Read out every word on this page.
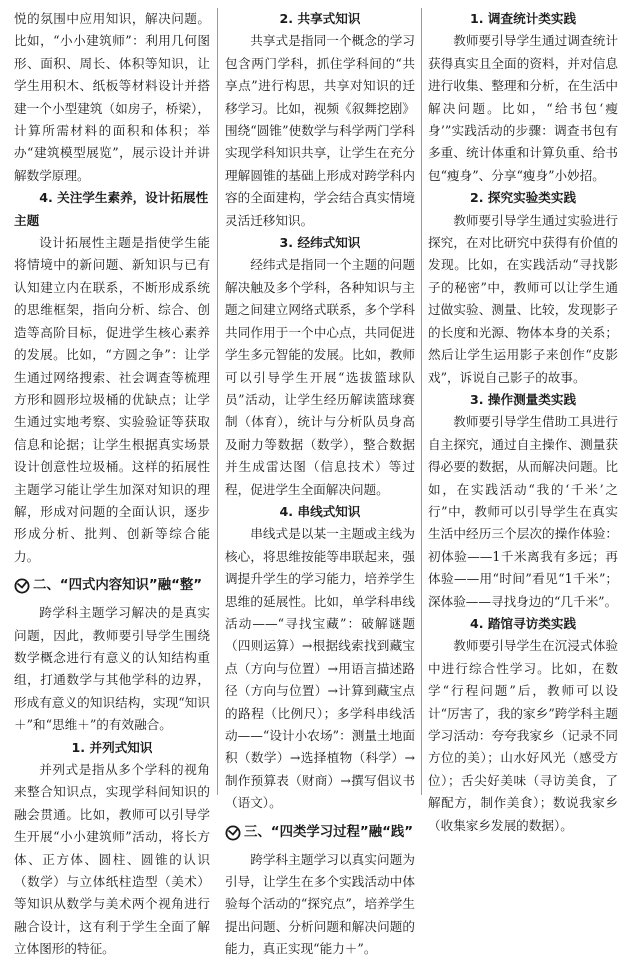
悦的氛围中应用知识，解决问题。比如，“小小建筑师”：利用几何图形、面积、周长、体积等知识，让学生用积木、纸板等材料设计并搭建一个小型建筑（如房子，桥梁），计算所需材料的面积和体积；举办“建筑模型展览”，展示设计并讲解数学原理。

4. 关注学生素养，设计拓展性主题

设计拓展性主题是指使学生能将情境中的新问题、新知识与已有认知建立内在联系，不断形成系统的思维框架，指向分析、综合、创造等高阶目标，促进学生核心素养的发展。比如，“方圆之争”：让学生通过网络搜索、社会调查等梳理方形和圆形垃圾桶的优缺点；让学生通过实地考察、实验验证等获取信息和论据；让学生根据真实场景设计创意性垃圾桶。这样的拓展性主题学习能让学生加深对知识的理解，形成对问题的全面认识，逐步形成分析、批判、创新等综合能力。

二、“四式内容知识”融“整”

跨学科主题学习解决的是真实问题，因此，教师要引导学生围绕数学概念进行有意义的认知结构重组，打通数学与其他学科的边界，形成有意义的知识结构，实现“知识＋”和“思维＋”的有效融合。

1. 并列式知识

并列式是指从多个学科的视角来整合知识点，实现学科间知识的融会贯通。比如，教师可以引导学生开展“小小建筑师”活动，将长方体、正方体、圆柱、圆锥的认识（数学）与立体纸柱造型（美术）等知识从数学与美术两个视角进行融合设计，这有利于学生全面了解立体图形的特征。

2. 共享式知识

共享式是指同一个概念的学习包含两门学科，抓住学科间的“共享点”进行构思，共享对知识的迁移学习。比如，视频《叙舞挖剧》围绕“圆锥”使数学与科学两门学科实现学科知识共享，让学生在充分理解圆锥的基础上形成对跨学科内容的全面建构，学会结合真实情境灵活迁移知识。

3. 经纬式知识

经纬式是指同一个主题的问题解决触及多个学科，各种知识与主题之间建立网络式联系，多个学科共同作用于一个中心点，共同促进学生多元智能的发展。比如，教师可以引导学生开展“选拔篮球队员”活动，让学生经历解读篮球赛制（体育），统计与分析队员身高及耐力等数据（数学），整合数据并生成雷达图（信息技术）等过程，促进学生全面解决问题。

4. 串线式知识

串线式是以某一主题或主线为核心，将思维按能等串联起来，强调提升学生的学习能力，培养学生思维的延展性。比如，单学科串线活动——“寻找宝藏”：破解谜题（四则运算）→根据线索找到藏宝点（方向与位置）→用语言描述路径（方向与位置）→计算到藏宝点的路程（比例尺）；多学科串线活动——“设计小农场”：测量土地面积（数学）→选择植物（科学）→制作预算表（财商）→撰写倡议书（语文）。

三、“四类学习过程”融“践”

跨学科主题学习以真实问题为引导，让学生在多个实践活动中体验每个活动的“探究点”，培养学生提出问题、分析问题和解决问题的能力，真正实现“能力＋”。

1. 调查统计类实践

教师要引导学生通过调查统计获得真实且全面的资料，并对信息进行收集、整理和分析，在生活中解决问题。比如，“给书包‘瘦身’”实践活动的步骤：调查书包有多重、统计体重和计算负重、给书包“瘦身”、分享“瘦身”小妙招。

2. 探究实验类实践

教师要引导学生通过实验进行探究，在对比研究中获得有价值的发现。比如，在实践活动“寻找影子的秘密”中，教师可以让学生通过做实验、测量、比较，发现影子的长度和光源、物体本身的关系；然后让学生运用影子来创作“皮影戏”，诉说自己影子的故事。

3. 操作测量类实践

教师要引导学生借助工具进行自主探究，通过自主操作、测量获得必要的数据，从而解决问题。比如，在实践活动“我的‘千米’之行”中，教师可以引导学生在真实生活中经历三个层次的操作体验：初体验——1千米离我有多远；再体验——用“时间”看见“1千米”；深体验——寻找身边的“几千米”。

4. 踏馆寻访类实践

教师要引导学生在沉浸式体验中进行综合性学习。比如，在数学“行程问题”后，教师可以设计“厉害了，我的家乡”跨学科主题学习活动：夸夸我家乡（记录不同方位的美）；山水好风光（感受方位）；舌尖好美味（寻访美食，了解配方，制作美食）；数说我家乡（收集家乡发展的数据）。
